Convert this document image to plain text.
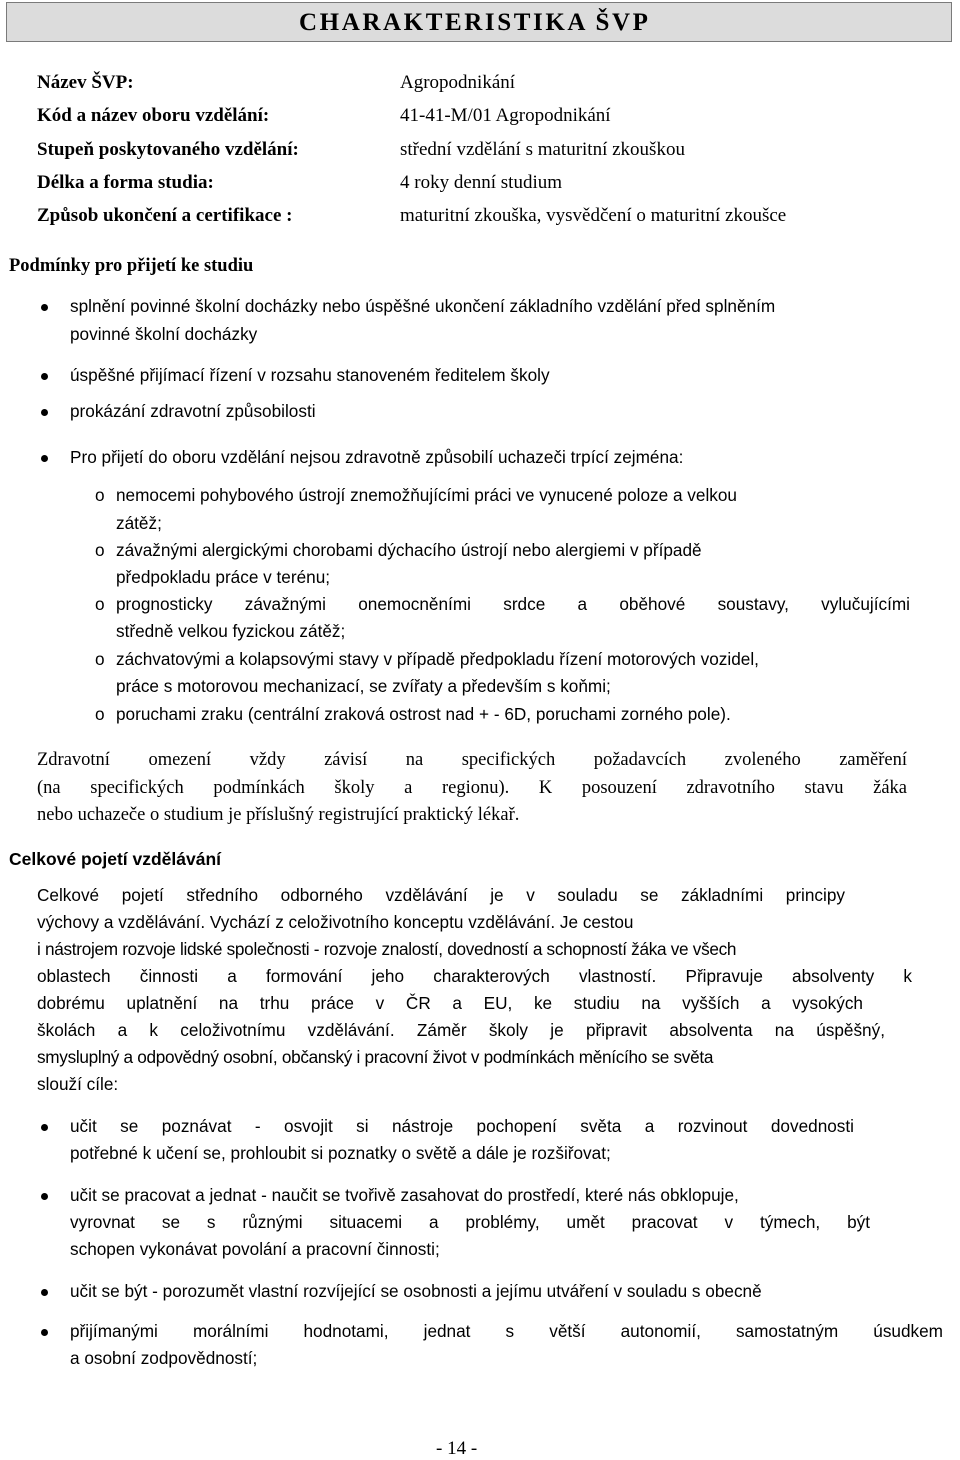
CHARAKTERISTIKA ŠVP
Název ŠVP:	Agropodnikání
Kód a název oboru vzdělání:	41-41-M/01 Agropodnikání
Stupeň poskytovaného vzdělání:	střední vzdělání s maturitní zkouškou
Délka a forma studia:	4 roky denní studium
Způsob ukončení a certifikace :	maturitní zkouška, vysvědčení o maturitní zkoušce
Podmínky pro přijetí ke studiu
splnění povinné školní docházky nebo úspěšné ukončení základního vzdělání před splněním
povinné školní docházky
úspěšné přijímací řízení v rozsahu stanoveném ředitelem školy
prokázání zdravotní způsobilosti
Pro přijetí do oboru vzdělání nejsou zdravotně způsobilí uchazeči trpící zejména:
o nemocemi pohybového ústrojí znemožňujícími práci ve vynucené poloze a velkou
zátěž;
o závažnými alergickými chorobami dýchacího ústrojí nebo alergiemi v případě
předpokladu práce v terénu;
o prognosticky závažnými onemocněními srdce a oběhové soustavy, vylučujícími
středně velkou fyzickou zátěž;
o záchvatovými a kolapsovými stavy v případě předpokladu řízení motorových vozidel,
práce s motorovou mechanizací, se zvířaty a především s koňmi;
o poruchami zraku (centrální zraková ostrost nad + - 6D, poruchami zorného pole).
Zdravotní omezení vždy závisí na specifických požadavcích zvoleného zaměření
(na specifických podmínkách školy a regionu). K posouzení zdravotního stavu žáka
nebo uchazeče o studium je příslušný registrující praktický lékař.
Celkové pojetí vzdělávání
Celkové pojetí středního odborného vzdělávání je v souladu se základními principy
výchovy a vzdělávání. Vychází z celoživotního konceptu vzdělávání. Je cestou
i nástrojem rozvoje lidské společnosti - rozvoje znalostí, dovedností a schopností žáka ve všech
oblastech činnosti a formování jeho charakterových vlastností. Připravuje absolventy k
dobrému uplatnění na trhu práce v ČR a EU, ke studiu na vyšších a vysokých
školách a k celoživotnímu vzdělávání. Záměr školy je připravit absolventa na úspěšný,
smysluplný a odpovědný osobní, občanský i pracovní život v podmínkách měnícího se světa
slouží cíle:
učit se poznávat - osvojit si nástroje pochopení světa a rozvinout dovednosti
potřebné k učení se, prohloubit si poznatky o světě a dále je rozšiřovat;
učit se pracovat a jednat - naučit se tvořivě zasahovat do prostředí, které nás obklopuje,
vyrovnat se s různými situacemi a problémy, umět pracovat v týmech, být
schopen vykonávat povolání a pracovní činnosti;
učit se být - porozumět vlastní rozvíjející se osobnosti a jejímu utváření v souladu s obecně
přijímanými morálními hodnotami, jednat s větší autonomií, samostatným úsudkem
a osobní zodpovědností;
- 14 -
